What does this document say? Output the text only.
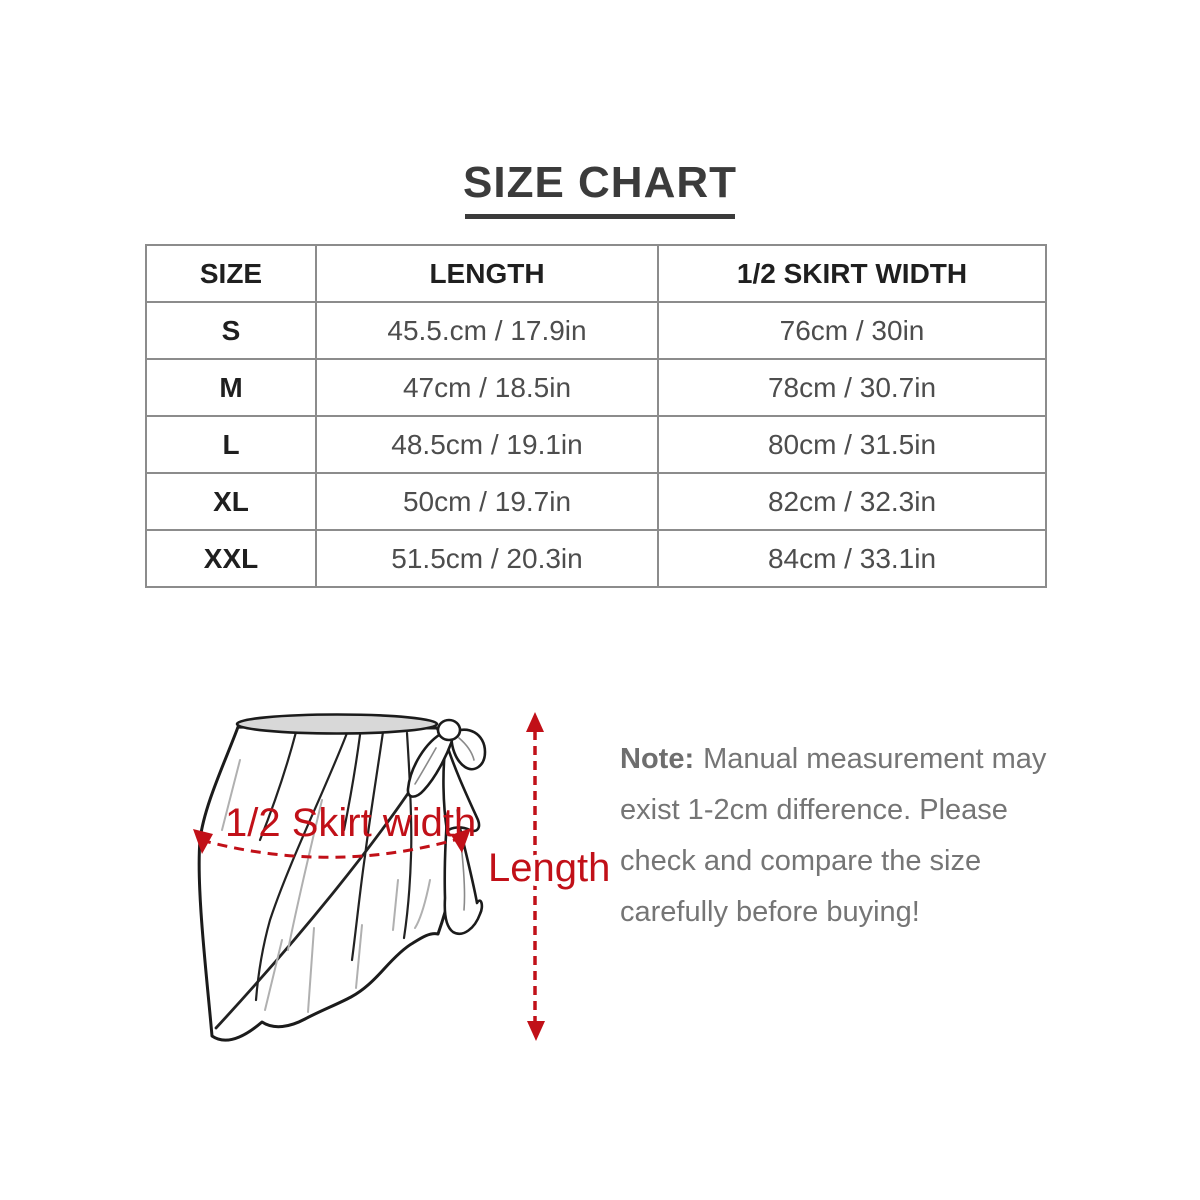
SIZE CHART
SIZE	LENGTH	1/2 SKIRT WIDTH
S	45.5.cm / 17.9in	76cm / 30in
M	47cm / 18.5in	78cm / 30.7in
L	48.5cm / 19.1in	80cm / 31.5in
XL	50cm / 19.7in	82cm / 32.3in
XXL	51.5cm / 20.3in	84cm / 33.1in
1/2 Skirt width
Length
Note: Manual measurement may
exist 1-2cm difference. Please
check and compare the size
carefully before buying!
